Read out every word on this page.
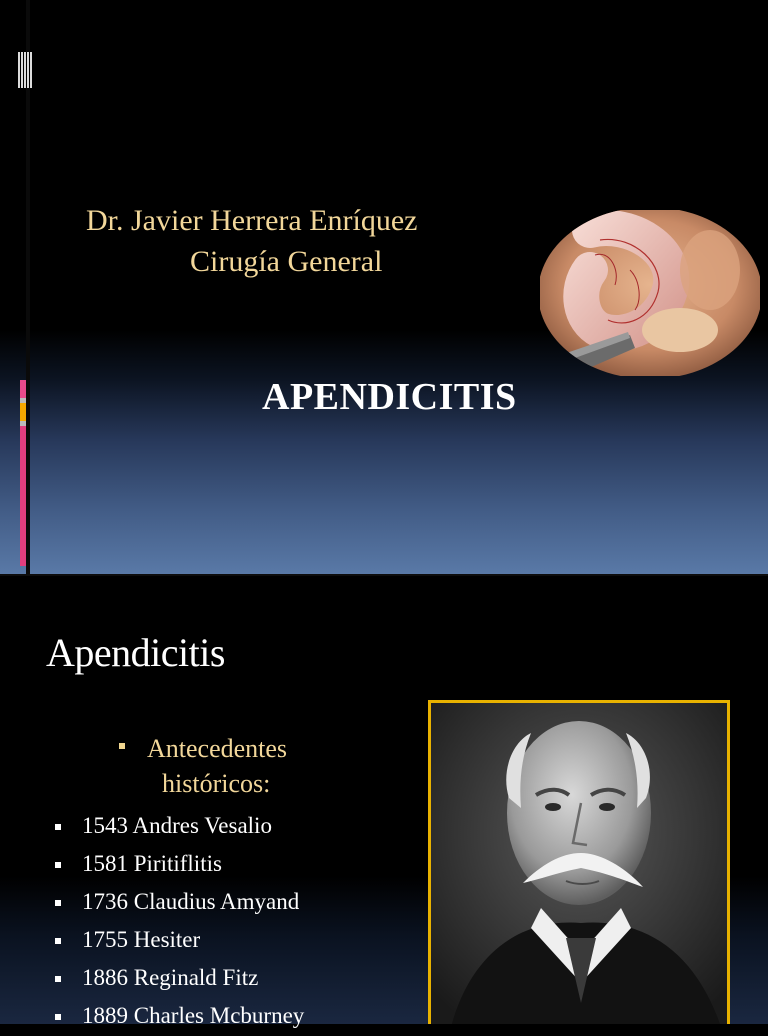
Dr. Javier Herrera Enríquez
Cirugía General
APENDICITIS
Apendicitis
Antecedentes
históricos:
1543 Andres Vesalio
1581 Piritiflitis
1736 Claudius Amyand
1755 Hesiter
1886 Reginald Fitz
1889 Charles Mcburney
